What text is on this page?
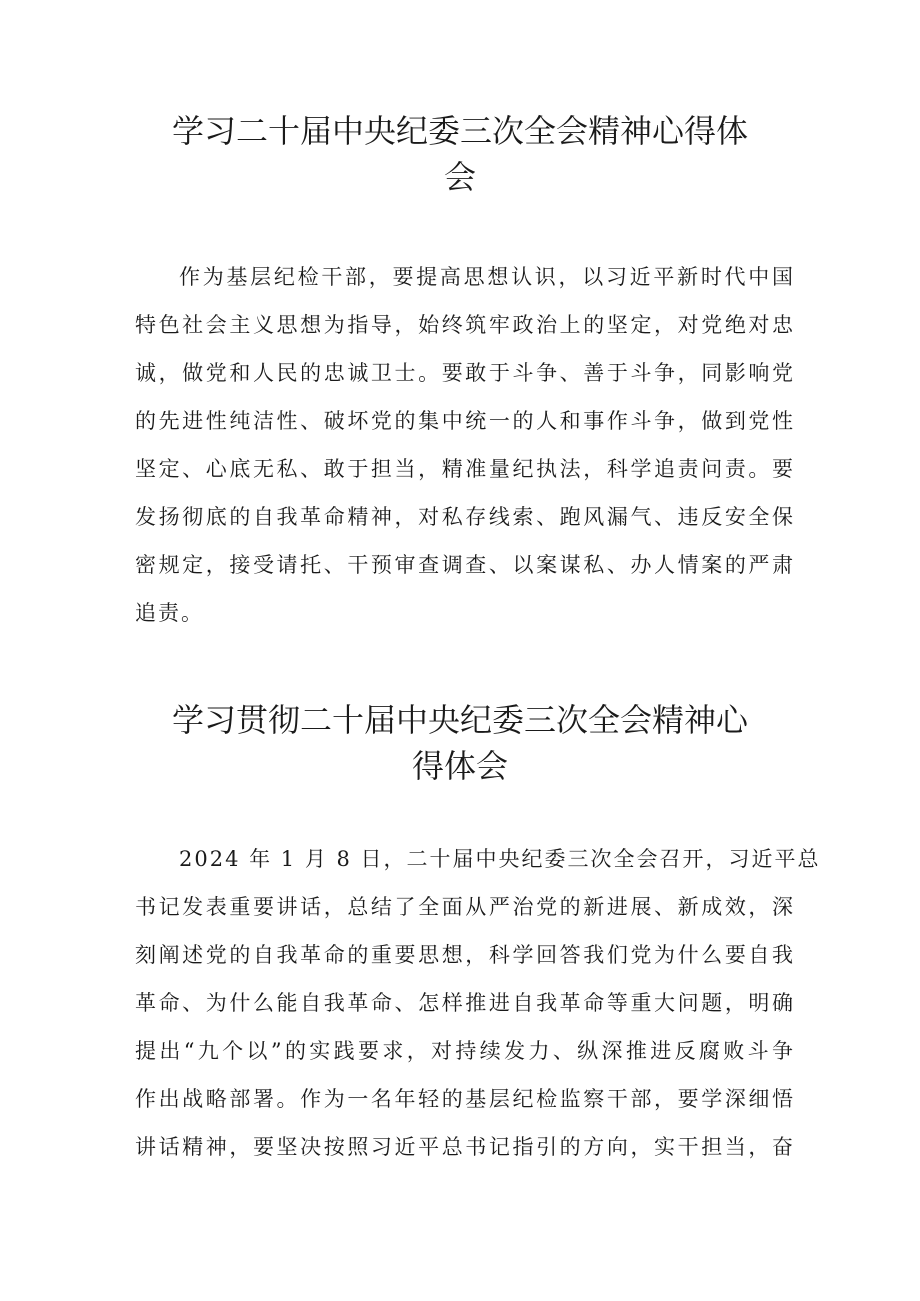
学习二十届中央纪委三次全会精神心得体
会
作为基层纪检干部，要提高思想认识，以习近平新时代中国
特色社会主义思想为指导，始终筑牢政治上的坚定，对党绝对忠
诚，做党和人民的忠诚卫士。要敢于斗争、善于斗争，同影响党
的先进性纯洁性、破坏党的集中统一的人和事作斗争，做到党性
坚定、心底无私、敢于担当，精准量纪执法，科学追责问责。要
发扬彻底的自我革命精神，对私存线索、跑风漏气、违反安全保
密规定，接受请托、干预审查调查、以案谋私、办人情案的严肃
追责。
学习贯彻二十届中央纪委三次全会精神心
得体会
2024 年 1 月 8 日，二十届中央纪委三次全会召开，习近平总
书记发表重要讲话，总结了全面从严治党的新进展、新成效，深
刻阐述党的自我革命的重要思想，科学回答我们党为什么要自我
革命、为什么能自我革命、怎样推进自我革命等重大问题，明确
提出“九个以”的实践要求，对持续发力、纵深推进反腐败斗争
作出战略部署。作为一名年轻的基层纪检监察干部，要学深细悟
讲话精神，要坚决按照习近平总书记指引的方向，实干担当，奋
